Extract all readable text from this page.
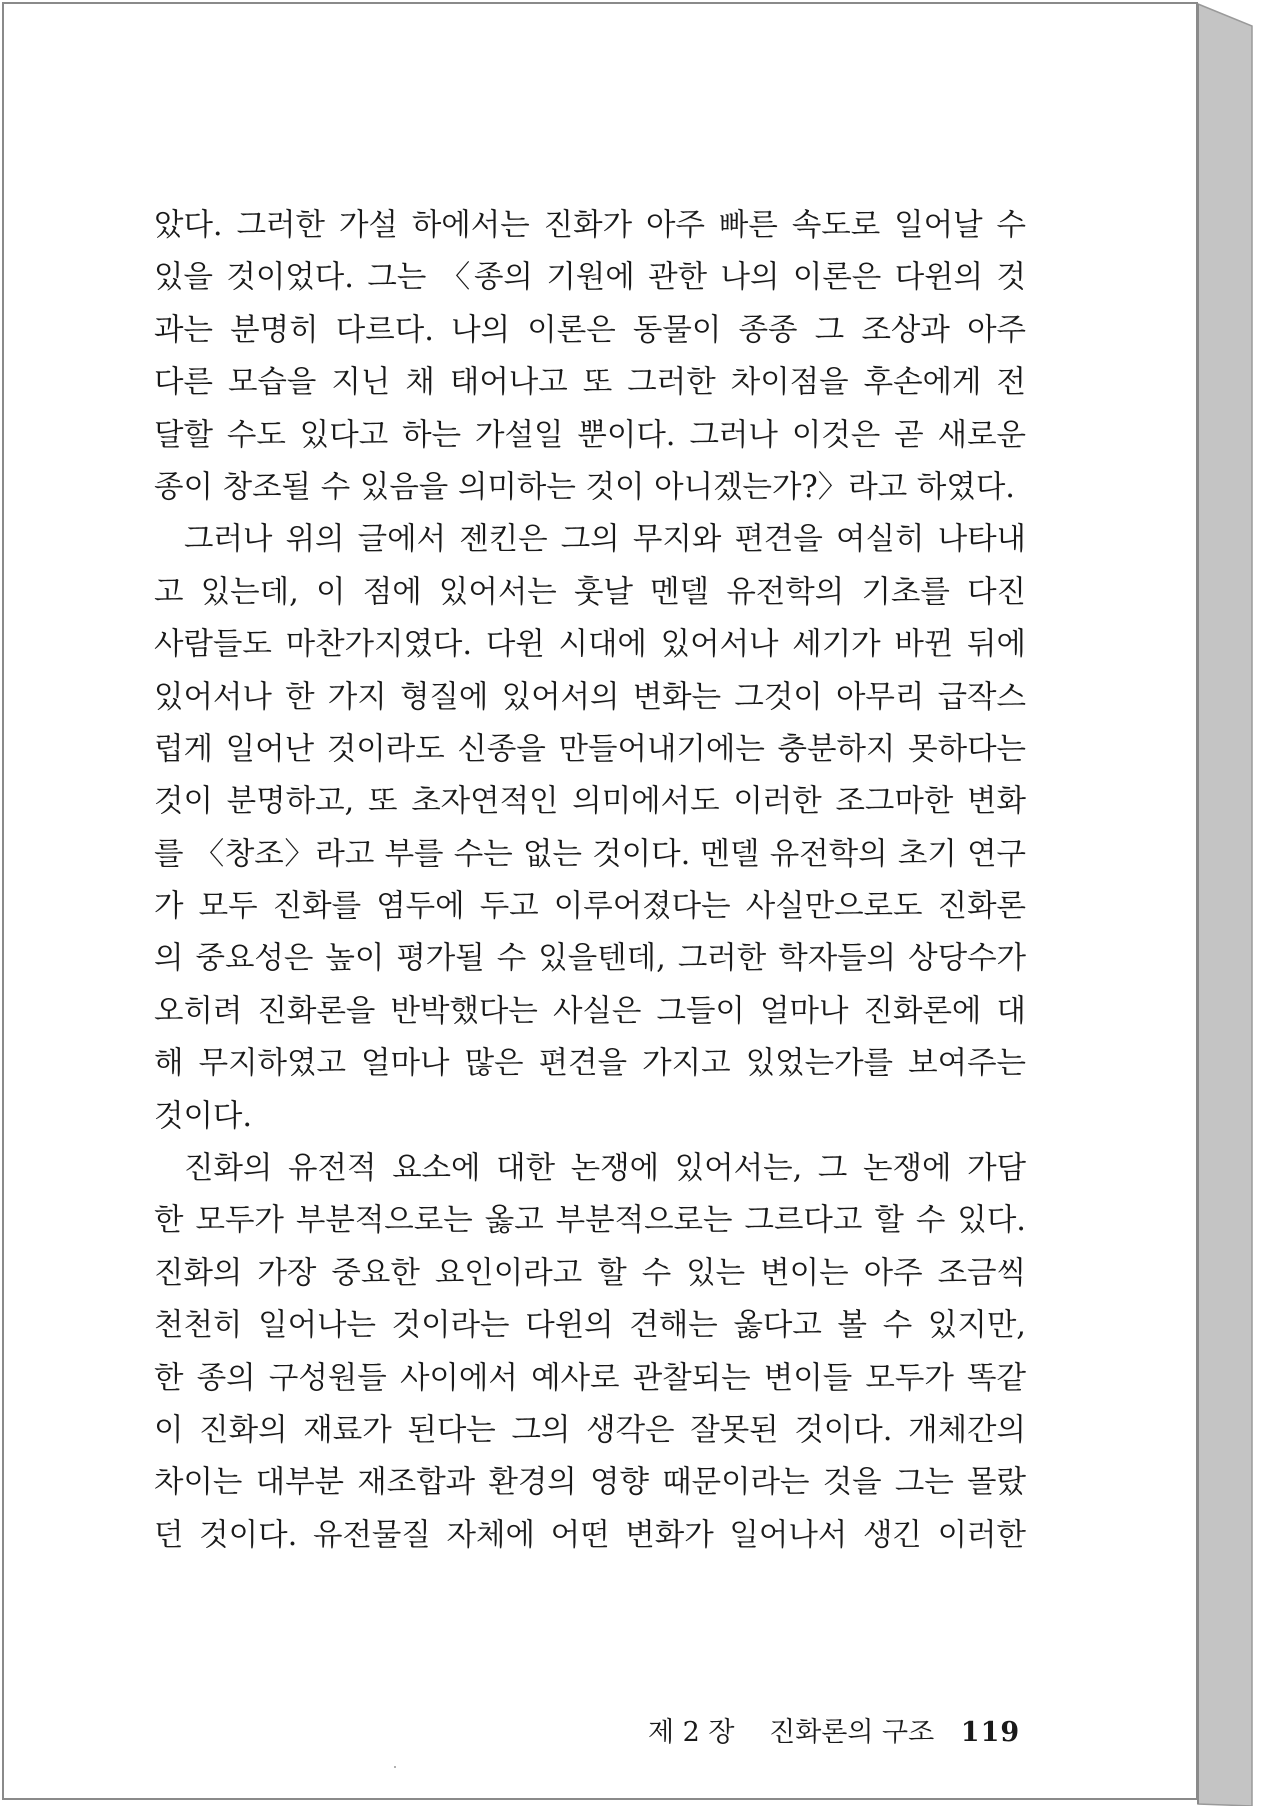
았다. 그러한 가설 하에서는 진화가 아주 빠른 속도로 일어날 수
있을 것이었다. 그는 〈종의 기원에 관한 나의 이론은 다윈의 것
과는 분명히 다르다. 나의 이론은 동물이 종종 그 조상과 아주
다른 모습을 지닌 채 태어나고 또 그러한 차이점을 후손에게 전
달할 수도 있다고 하는 가설일 뿐이다. 그러나 이것은 곧 새로운
종이 창조될 수 있음을 의미하는 것이 아니겠는가?〉라고 하였다.
그러나 위의 글에서 젠킨은 그의 무지와 편견을 여실히 나타내
고 있는데, 이 점에 있어서는 훗날 멘델 유전학의 기초를 다진
사람들도 마찬가지였다. 다윈 시대에 있어서나 세기가 바뀐 뒤에
있어서나 한 가지 형질에 있어서의 변화는 그것이 아무리 급작스
럽게 일어난 것이라도 신종을 만들어내기에는 충분하지 못하다는
것이 분명하고, 또 초자연적인 의미에서도 이러한 조그마한 변화
를 〈창조〉라고 부를 수는 없는 것이다. 멘델 유전학의 초기 연구
가 모두 진화를 염두에 두고 이루어졌다는 사실만으로도 진화론
의 중요성은 높이 평가될 수 있을텐데, 그러한 학자들의 상당수가
오히려 진화론을 반박했다는 사실은 그들이 얼마나 진화론에 대
해 무지하였고 얼마나 많은 편견을 가지고 있었는가를 보여주는
것이다.
진화의 유전적 요소에 대한 논쟁에 있어서는, 그 논쟁에 가담
한 모두가 부분적으로는 옳고 부분적으로는 그르다고 할 수 있다.
진화의 가장 중요한 요인이라고 할 수 있는 변이는 아주 조금씩
천천히 일어나는 것이라는 다윈의 견해는 옳다고 볼 수 있지만,
한 종의 구성원들 사이에서 예사로 관찰되는 변이들 모두가 똑같
이 진화의 재료가 된다는 그의 생각은 잘못된 것이다. 개체간의
차이는 대부분 재조합과 환경의 영향 때문이라는 것을 그는 몰랐
던 것이다. 유전물질 자체에 어떤 변화가 일어나서 생긴 이러한
제 2 장 진화론의 구조 119
